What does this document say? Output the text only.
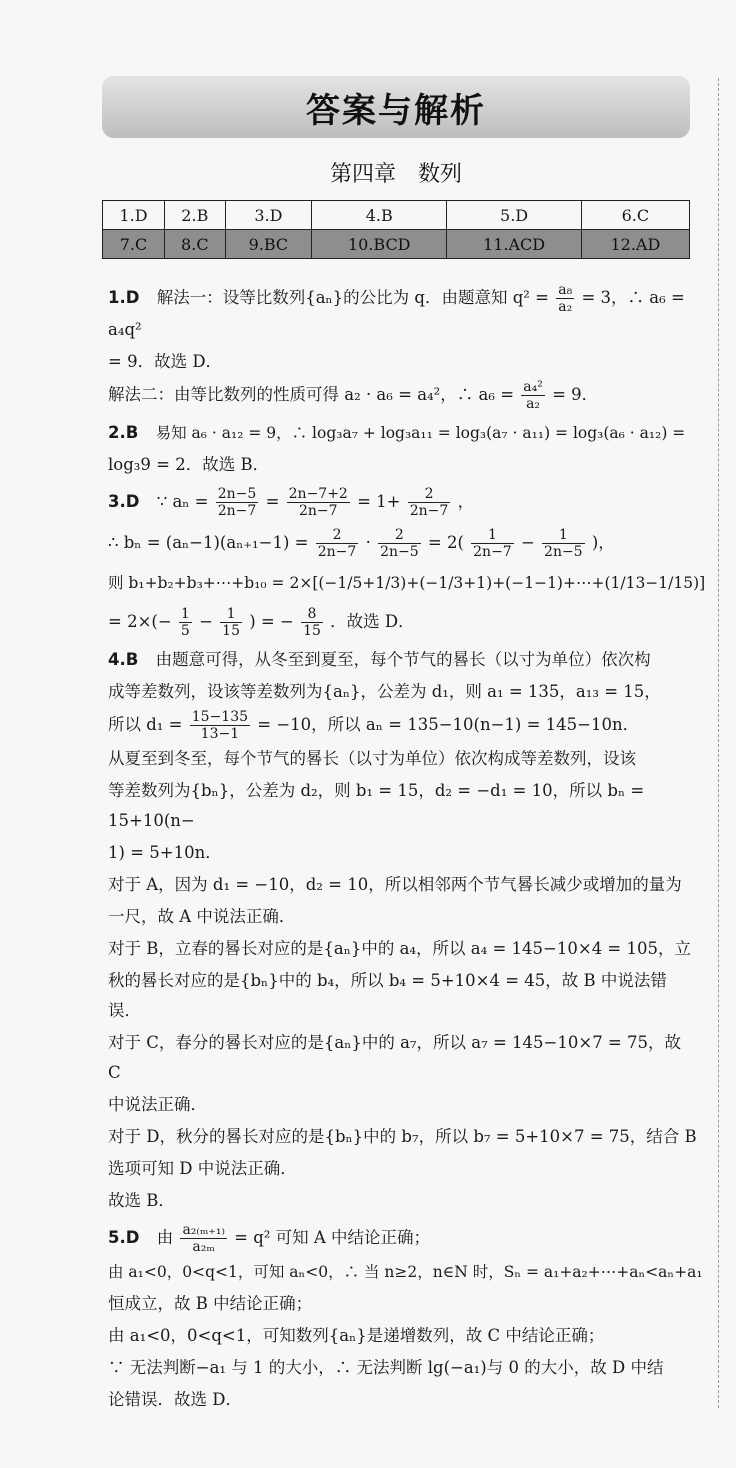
答案与解析
第四章　数列
1.D	2.B	3.D	4.B	5.D	6.C
7.C	8.C	9.BC	10.BCD	11.ACD	12.AD

1.D 解法一：设等比数列{aₙ}的公比为 q．由题意知 $q^2 = \frac{\text{a₈}}{\text{a₂}} = 3$，∴ a₆ = a₄q²

= 9．故选 D．

解法二：由等比数列的性质可得 a₂ · a₆ = a₄²，∴ $a_6 = \frac{\text{a₄²}}{\text{a₂}} = 9$．

2.B 易知 a₆ · a₁₂ = 9，∴ log₃a₇ + log₃a₁₁ = log₃(a₇ · a₁₁) = log₃(a₆ · a₁₂) =

log₃9 = 2．故选 B．

3.D ∵ $a_n = \frac{2n-5}{2n-7} = \frac{2n-7+2}{2n-7} = 1+ \frac{2}{2n-7}$ ，

∴ $b_n = (a_n-1)(a_{n+1}-1) = \frac{2}{2n-7} \cdot \frac{2}{2n-5} = 2( \frac{1}{2n-7} - \frac{1}{2n-5}$ )，

则 b₁+b₂+b₃+⋯+b₁₀ = 2×[(−1/5+1/3)+(−1/3+1)+(−1−1)+⋯+(1/13−1/15)]

= $2\times(- \frac{1}{5} - \frac{1}{15}$ ) = − $\frac{8}{15}$ ．故选 D．

4.B 由题意可得，从冬至到夏至，每个节气的晷长（以寸为单位）依次构

成等差数列，设该等差数列为{aₙ}，公差为 d₁，则 a₁ = 135，a₁₃ = 15，

所以 $d_1 = \frac{15-135}{13-1} = -10$，所以 aₙ = 135−10(n−1) = 145−10n．

从夏至到冬至，每个节气的晷长（以寸为单位）依次构成等差数列，设该

等差数列为{bₙ}，公差为 d₂，则 b₁ = 15，d₂ = −d₁ = 10，所以 bₙ = 15+10(n−

1) = 5+10n．

对于 A，因为 d₁ = −10，d₂ = 10，所以相邻两个节气晷长减少或增加的量为

一尺，故 A 中说法正确．

对于 B，立春的晷长对应的是{aₙ}中的 a₄，所以 a₄ = 145−10×4 = 105，立

秋的晷长对应的是{bₙ}中的 b₄，所以 b₄ = 5+10×4 = 45，故 B 中说法错误．

对于 C，春分的晷长对应的是{aₙ}中的 a₇，所以 a₇ = 145−10×7 = 75，故 C

中说法正确．

对于 D，秋分的晷长对应的是{bₙ}中的 b₇，所以 b₇ = 5+10×7 = 75，结合 B

选项可知 D 中说法正确．

故选 B．

5.D 由 $\frac{\text{a₂₍ₘ₊₁₎}}{\text{a₂ₘ}} = q^2$ 可知 A 中结论正确；

由 a₁<0，0<q<1，可知 aₙ<0，∴ 当 n≥2，n∈N 时，Sₙ = a₁+a₂+⋯+aₙ<aₙ+a₁

恒成立，故 B 中结论正确；

由 a₁<0，0<q<1，可知数列{aₙ}是递增数列，故 C 中结论正确；

∵ 无法判断−a₁ 与 1 的大小，∴ 无法判断 lg(−a₁)与 0 的大小，故 D 中结

论错误．故选 D．
